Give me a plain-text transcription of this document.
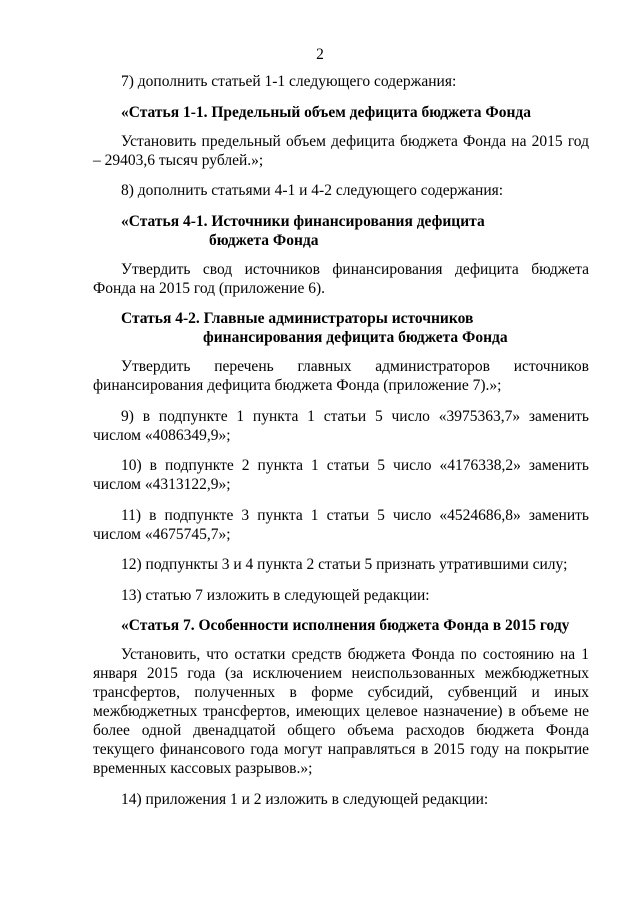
2

7) дополнить статьей 1-1 следующего содержания:

«Статья 1-1. Предельный объем дефицита бюджета Фонда

Установить предельный объем дефицита бюджета Фонда на 2015 год – 29403,6 тысяч рублей.»;

8) дополнить статьями 4-1 и 4-2 следующего содержания:

«Статья 4-1. Источники финансирования дефицита
бюджета Фонда

Утвердить свод источников финансирования дефицита бюджета Фонда на 2015 год (приложение 6).

Статья 4-2. Главные администраторы источников
финансирования дефицита бюджета Фонда

Утвердить перечень главных администраторов источников финансирования дефицита бюджета Фонда (приложение 7).»;

9) в подпункте 1 пункта 1 статьи 5 число «3975363,7» заменить числом «4086349,9»;

10) в подпункте 2 пункта 1 статьи 5 число «4176338,2» заменить числом «4313122,9»;

11) в подпункте 3 пункта 1 статьи 5 число «4524686,8» заменить числом «4675745,7»;

12) подпункты 3 и 4 пункта 2 статьи 5 признать утратившими силу;

13) статью 7 изложить в следующей редакции:

«Статья 7. Особенности исполнения бюджета Фонда в 2015 году

Установить, что остатки средств бюджета Фонда по состоянию на 1 января 2015 года (за исключением неиспользованных межбюджетных трансфертов, полученных в форме субсидий, субвенций и иных межбюджетных трансфертов, имеющих целевое назначение) в объеме не более одной двенадцатой общего объема расходов бюджета Фонда текущего финансового года могут направляться в 2015 году на покрытие временных кассовых разрывов.»;

14) приложения 1 и 2 изложить в следующей редакции:
